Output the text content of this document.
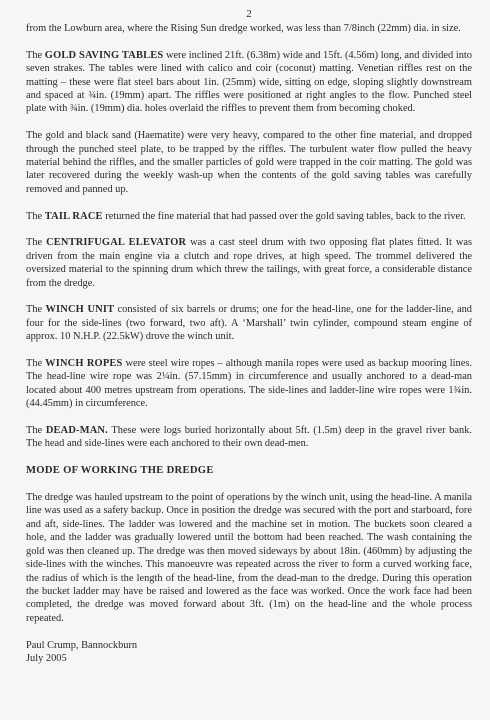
2

from the Lowburn area, where the Rising Sun dredge worked, was less than 7/8inch (22mm) dia. in size.

The GOLD SAVING TABLES were inclined 21ft. (6.38m) wide and 15ft. (4.56m) long, and divided into seven strakes. The tables were lined with calico and coir (coconut) matting. Venetian riffles rest on the matting – these were flat steel bars about 1in. (25mm) wide, sitting on edge, sloping slightly downstream and spaced at ¾in. (19mm) apart. The riffles were positioned at right angles to the flow. Punched steel plate with ¾in. (19mm) dia. holes overlaid the riffles to prevent them from becoming choked.

The gold and black sand (Haematite) were very heavy, compared to the other fine material, and dropped through the punched steel plate, to be trapped by the riffles. The turbulent water flow pulled the heavy material behind the riffles, and the smaller particles of gold were trapped in the coir matting. The gold was later recovered during the weekly wash-up when the contents of the gold saving tables was carefully removed and panned up.

The TAIL RACE returned the fine material that had passed over the gold saving tables, back to the river.

The CENTRIFUGAL ELEVATOR was a cast steel drum with two opposing flat plates fitted. It was driven from the main engine via a clutch and rope drives, at high speed. The trommel delivered the oversized material to the spinning drum which threw the tailings, with great force, a considerable distance from the dredge.

The WINCH UNIT consisted of six barrels or drums; one for the head-line, one for the ladder-line, and four for the side-lines (two forward, two aft). A ‘Marshall’ twin cylinder, compound steam engine of approx. 10 N.H.P. (22.5kW) drove the winch unit.

The WINCH ROPES were steel wire ropes – although manila ropes were used as backup mooring lines. The head-line wire rope was 2¼in. (57.15mm) in circumference and usually anchored to a dead-man located about 400 metres upstream from operations. The side-lines and ladder-line wire ropes were 1¾in. (44.45mm) in circumference.

The DEAD-MAN. These were logs buried horizontally about 5ft. (1.5m) deep in the gravel river bank. The head and side-lines were each anchored to their own dead-men.

MODE OF WORKING THE DREDGE

The dredge was hauled upstream to the point of operations by the winch unit, using the head-line. A manila line was used as a safety backup. Once in position the dredge was secured with the port and starboard, fore and aft, side-lines. The ladder was lowered and the machine set in motion. The buckets soon cleared a hole, and the ladder was gradually lowered until the bottom had been reached. The wash containing the gold was then cleaned up. The dredge was then moved sideways by about 18in. (460mm) by adjusting the side-lines with the winches. This manoeuvre was repeated across the river to form a curved working face, the radius of which is the length of the head-line, from the dead-man to the dredge. During this operation the bucket ladder may have be raised and lowered as the face was worked. Once the work face had been completed, the dredge was moved forward about 3ft. (1m) on the head-line and the whole process repeated.

Paul Crump, Bannockburn

July 2005
